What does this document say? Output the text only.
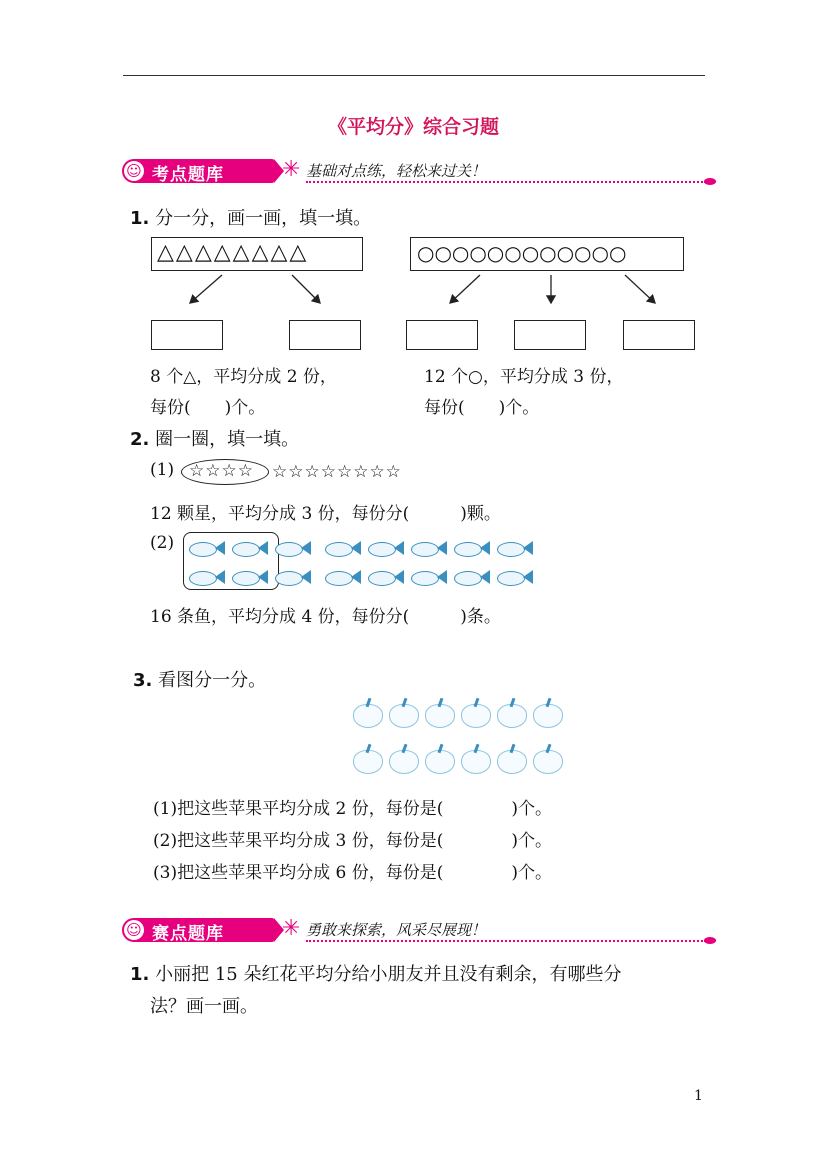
《平均分》综合习题
☺ 考点题库	✳ 基础对点练，轻松来过关！
1. 分一分，画一画，填一填。
△△△△△△△△	○○○○○○○○○○○○
8 个△，平均分成 2 份，
每份(　　)个。
12 个○，平均分成 3 份，
每份(　　)个。
2. 圈一圈，填一填。
(1) ☆☆☆☆ ☆☆☆☆☆☆☆☆
12 颗星，平均分成 3 份，每份分(　　　)颗。
(2)
16 条鱼，平均分成 4 份，每份分(　　　)条。
3. 看图分一分。
(1)把这些苹果平均分成 2 份，每份是(　　　　)个。
(2)把这些苹果平均分成 3 份，每份是(　　　　)个。
(3)把这些苹果平均分成 6 份，每份是(　　　　)个。
☺ 赛点题库	✳ 勇敢来探索，风采尽展现！
1. 小丽把 15 朵红花平均分给小朋友并且没有剩余，有哪些分
法？画一画。
1
